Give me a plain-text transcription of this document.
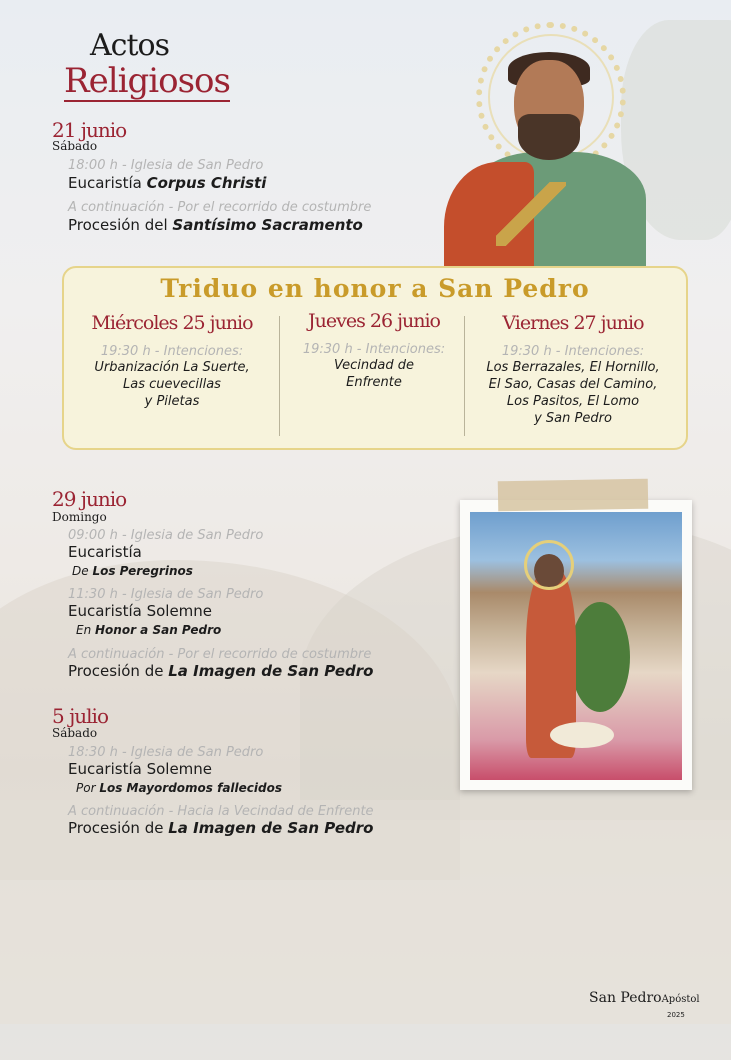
Actos
Religiosos
21 junio
Sábado
18:00 h - Iglesia de San Pedro
Eucaristía Corpus Christi
A continuación - Por el recorrido de costumbre
Procesión del Santísimo Sacramento
Triduo en honor a San Pedro
Miércoles 25 junio
19:30 h - Intenciones:
Urbanización La Suerte,
Las cuevecillas
y Piletas
Jueves 26 junio
19:30 h - Intenciones:
Vecindad de
Enfrente
Viernes 27 junio
19:30 h - Intenciones:
Los Berrazales, El Hornillo,
El Sao, Casas del Camino,
Los Pasitos, El Lomo
y San Pedro
29 junio
Domingo
09:00 h - Iglesia de San Pedro
Eucaristía
De Los Peregrinos
11:30 h - Iglesia de San Pedro
Eucaristía Solemne
En Honor a San Pedro
A continuación - Por el recorrido de costumbre
Procesión de La Imagen de San Pedro
5 julio
Sábado
18:30 h - Iglesia de San Pedro
Eucaristía Solemne
Por Los Mayordomos fallecidos
A continuación - Hacia la Vecindad de Enfrente
Procesión de La Imagen de San Pedro
San PedroApóstol
2025
